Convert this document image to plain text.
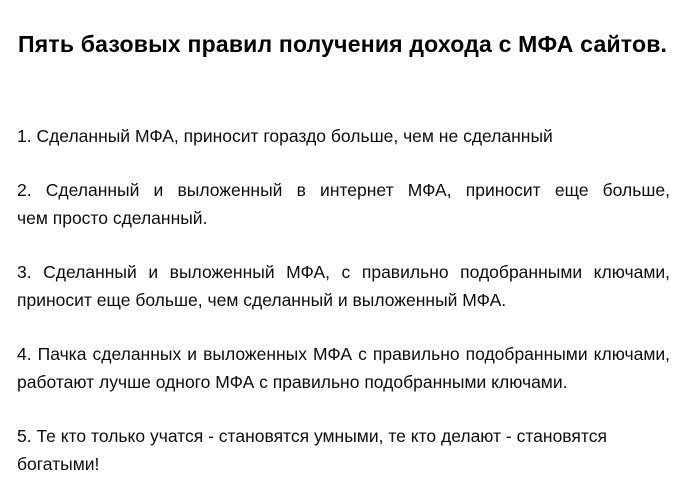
Пять базовых правил получения дохода с МФА сайтов.
1. Сделанный МФА, приносит гораздо больше, чем не сделанный
2. Сделанный и выложенный в интернет МФА, приносит еще больше,
чем просто сделанный.
3. Сделанный и выложенный МФА, с правильно подобранными ключами,
приносит еще больше, чем сделанный и выложенный МФА.
4. Пачка сделанных и выложенных МФА с правильно подобранными ключами,
работают лучше одного МФА с правильно подобранными ключами.
5. Те кто только учатся - становятся умными, те кто делают - становятся
богатыми!
